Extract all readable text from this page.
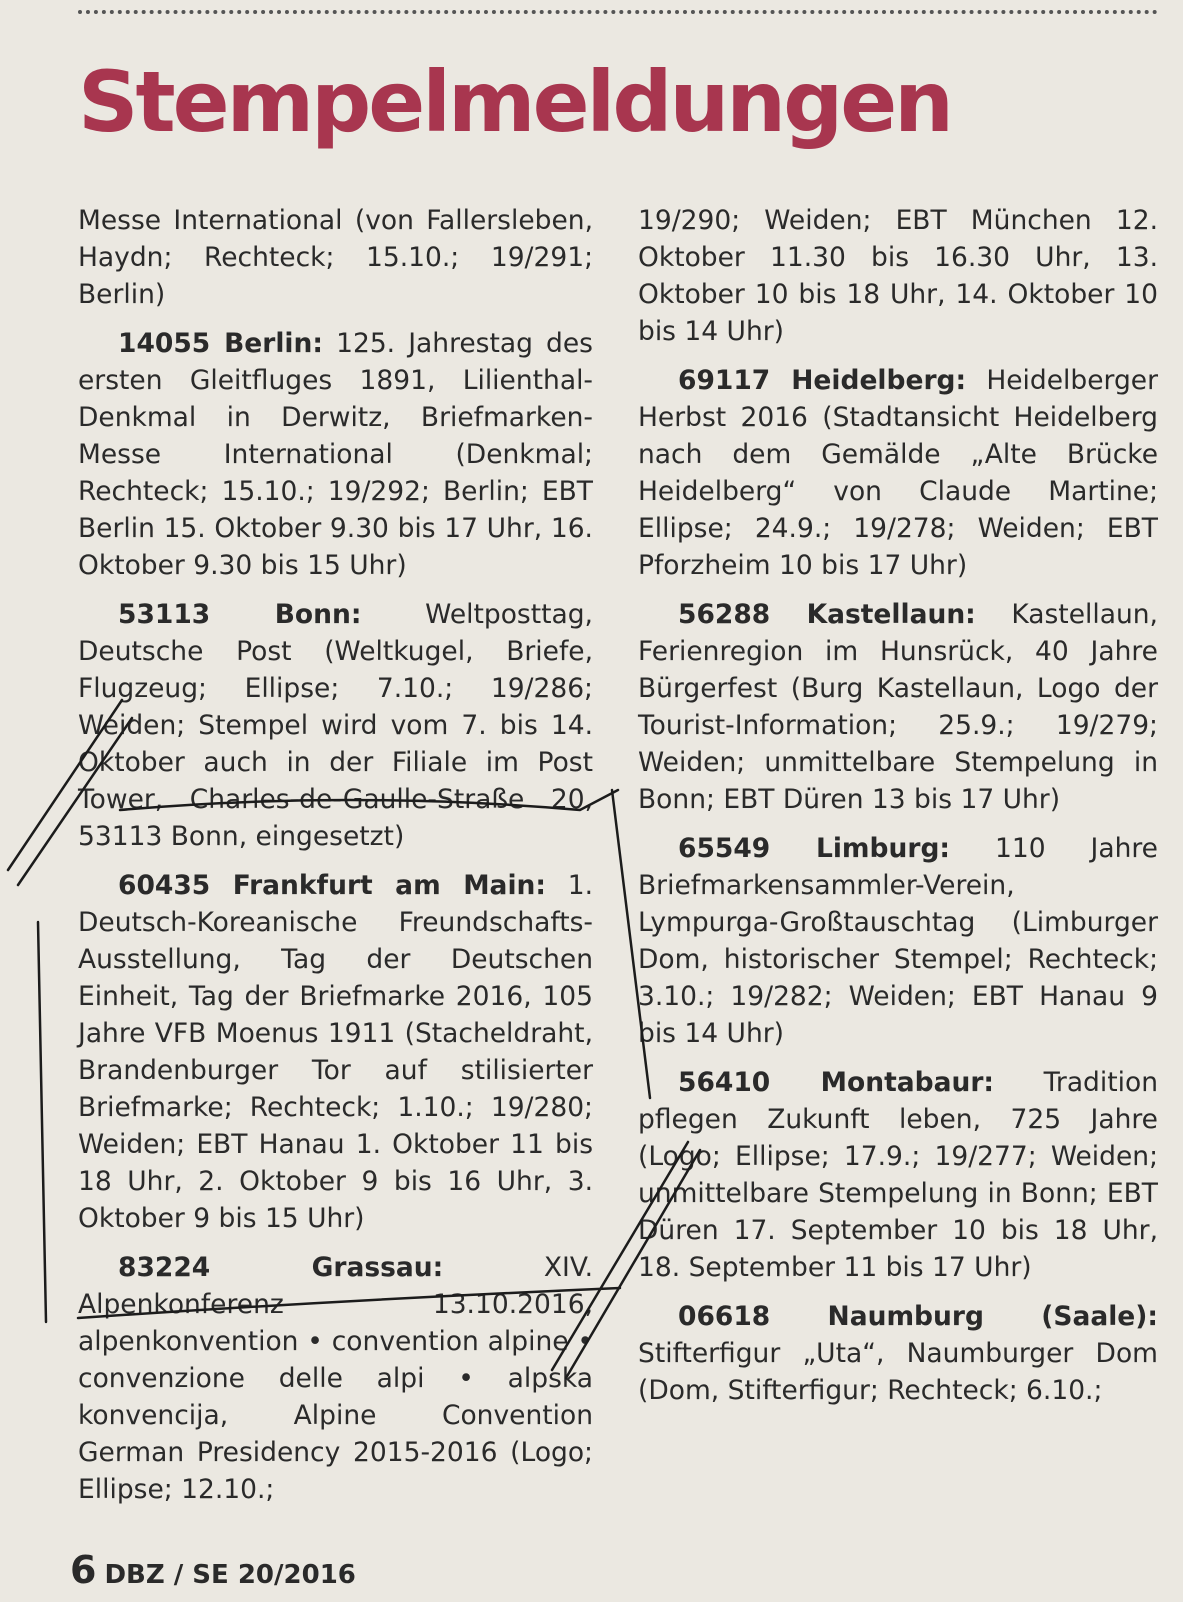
Stempelmeldungen

Messe International (von Fallersleben, Haydn; Rechteck; 15.10.; 19/291; Berlin)

14055 Berlin: 125. Jahrestag des ersten Gleitfluges 1891, Lilienthal-Denkmal in Derwitz, Briefmarken-Messe International (Denkmal; Rechteck; 15.10.; 19/292; Berlin; EBT Berlin 15. Oktober 9.30 bis 17 Uhr, 16. Oktober 9.30 bis 15 Uhr)

53113 Bonn: Weltposttag, Deutsche Post (Weltkugel, Briefe, Flugzeug; Ellipse; 7.10.; 19/286; Weiden; Stempel wird vom 7. bis 14. Oktober auch in der Filiale im Post Tower, Charles-de-Gaulle-Straße 20, 53113 Bonn, eingesetzt)

60435 Frankfurt am Main: 1. Deutsch-Koreanische Freundschafts-Ausstellung, Tag der Deutschen Einheit, Tag der Briefmarke 2016, 105 Jahre VFB Moenus 1911 (Stacheldraht, Brandenburger Tor auf stilisierter Briefmarke; Rechteck; 1.10.; 19/280; Weiden; EBT Hanau 1. Oktober 11 bis 18 Uhr, 2. Oktober 9 bis 16 Uhr, 3. Oktober 9 bis 15 Uhr)

83224 Grassau: XIV. Alpenkonferenz 13.10.2016, alpenkonvention • convention alpine • convenzione delle alpi • alpska konvencija, Alpine Convention German Presidency 2015-2016 (Logo; Ellipse; 12.10.;

19/290; Weiden; EBT München 12. Oktober 11.30 bis 16.30 Uhr, 13. Oktober 10 bis 18 Uhr, 14. Oktober 10 bis 14 Uhr)

69117 Heidelberg: Heidelberger Herbst 2016 (Stadtansicht Heidelberg nach dem Gemälde „Alte Brücke Heidelberg“ von Claude Martine; Ellipse; 24.9.; 19/278; Weiden; EBT Pforzheim 10 bis 17 Uhr)

56288 Kastellaun: Kastellaun, Ferienregion im Hunsrück, 40 Jahre Bürgerfest (Burg Kastellaun, Logo der Tourist-Information; 25.9.; 19/279; Weiden; unmittelbare Stempelung in Bonn; EBT Düren 13 bis 17 Uhr)

65549 Limburg: 110 Jahre Briefmarkensammler-Verein, Lympurga-Großtauschtag (Limburger Dom, historischer Stempel; Rechteck; 3.10.; 19/282; Weiden; EBT Hanau 9 bis 14 Uhr)

56410 Montabaur: Tradition pflegen Zukunft leben, 725 Jahre (Logo; Ellipse; 17.9.; 19/277; Weiden; unmittelbare Stempelung in Bonn; EBT Düren 17. September 10 bis 18 Uhr, 18. September 11 bis 17 Uhr)

06618 Naumburg (Saale): Stifterfigur „Uta“, Naumburger Dom (Dom, Stifterfigur; Rechteck; 6.10.;

6 DBZ / SE 20/2016
